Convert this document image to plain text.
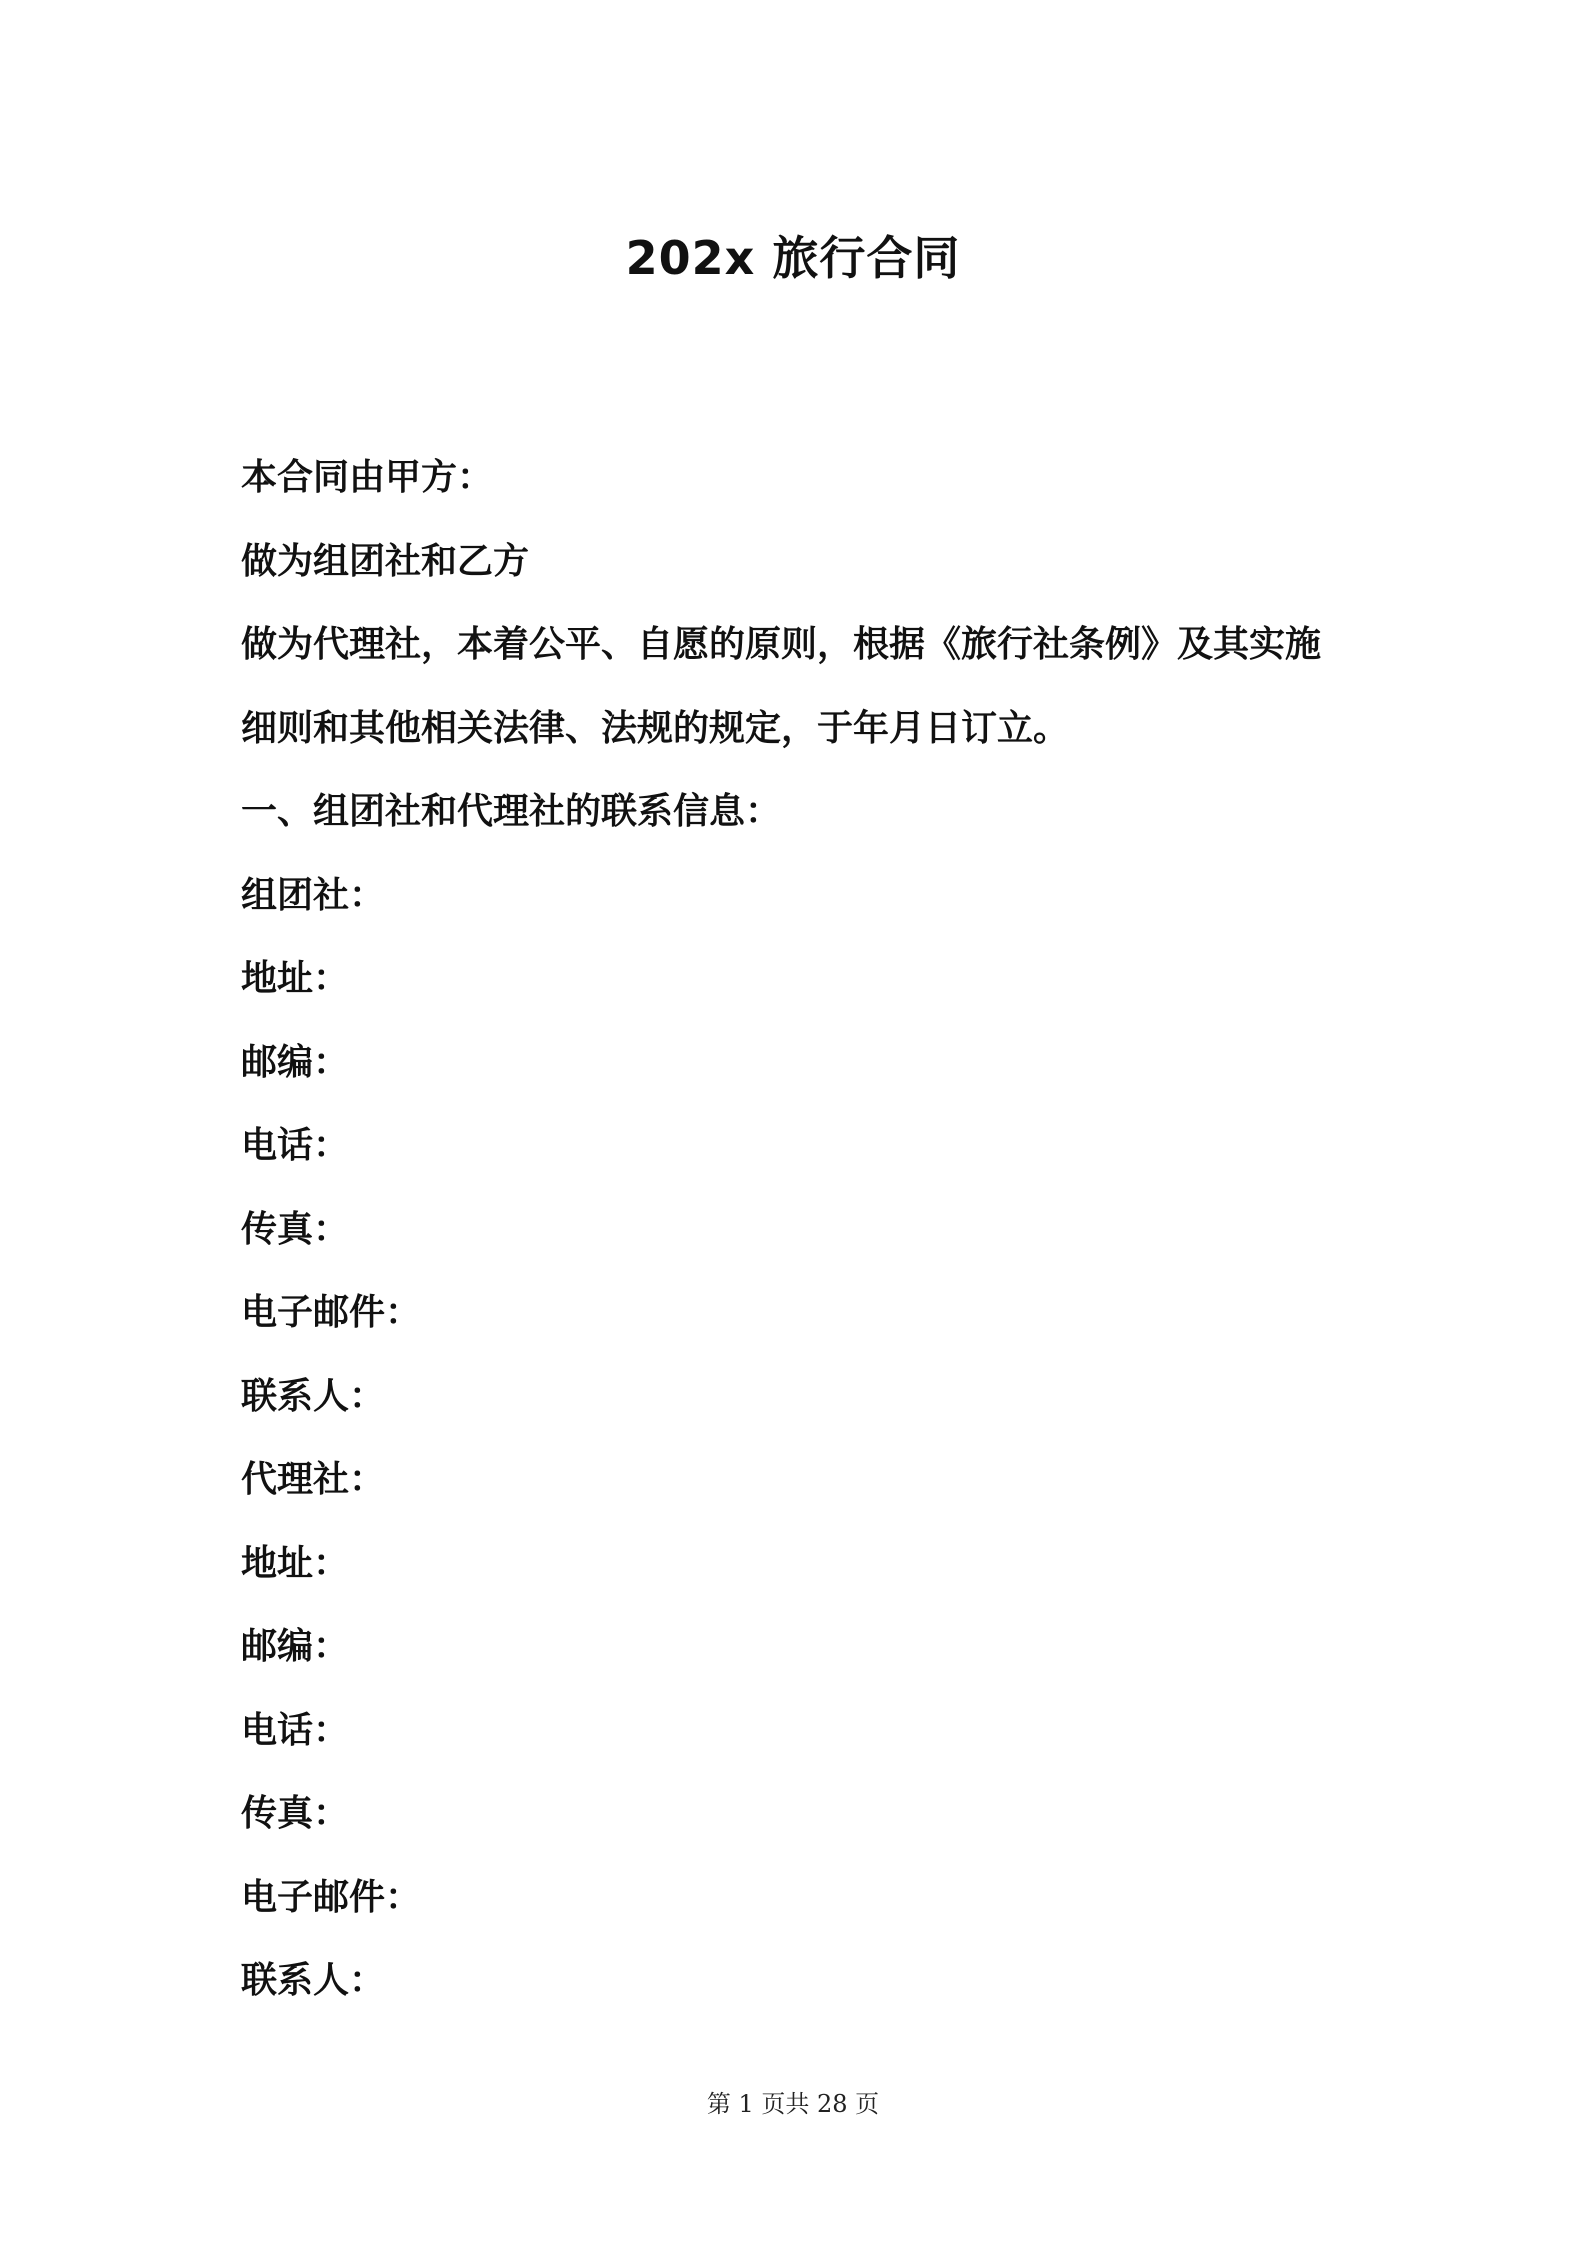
202x 旅行合同
本合同由甲方：
做为组团社和乙方
做为代理社，本着公平、自愿的原则，根据《旅行社条例》及其实施
细则和其他相关法律、法规的规定，于年月日订立。
一、组团社和代理社的联系信息：
组团社：
地址：
邮编：
电话：
传真：
电子邮件：
联系人：
代理社：
地址：
邮编：
电话：
传真：
电子邮件：
联系人：
第 1 页共 28 页
